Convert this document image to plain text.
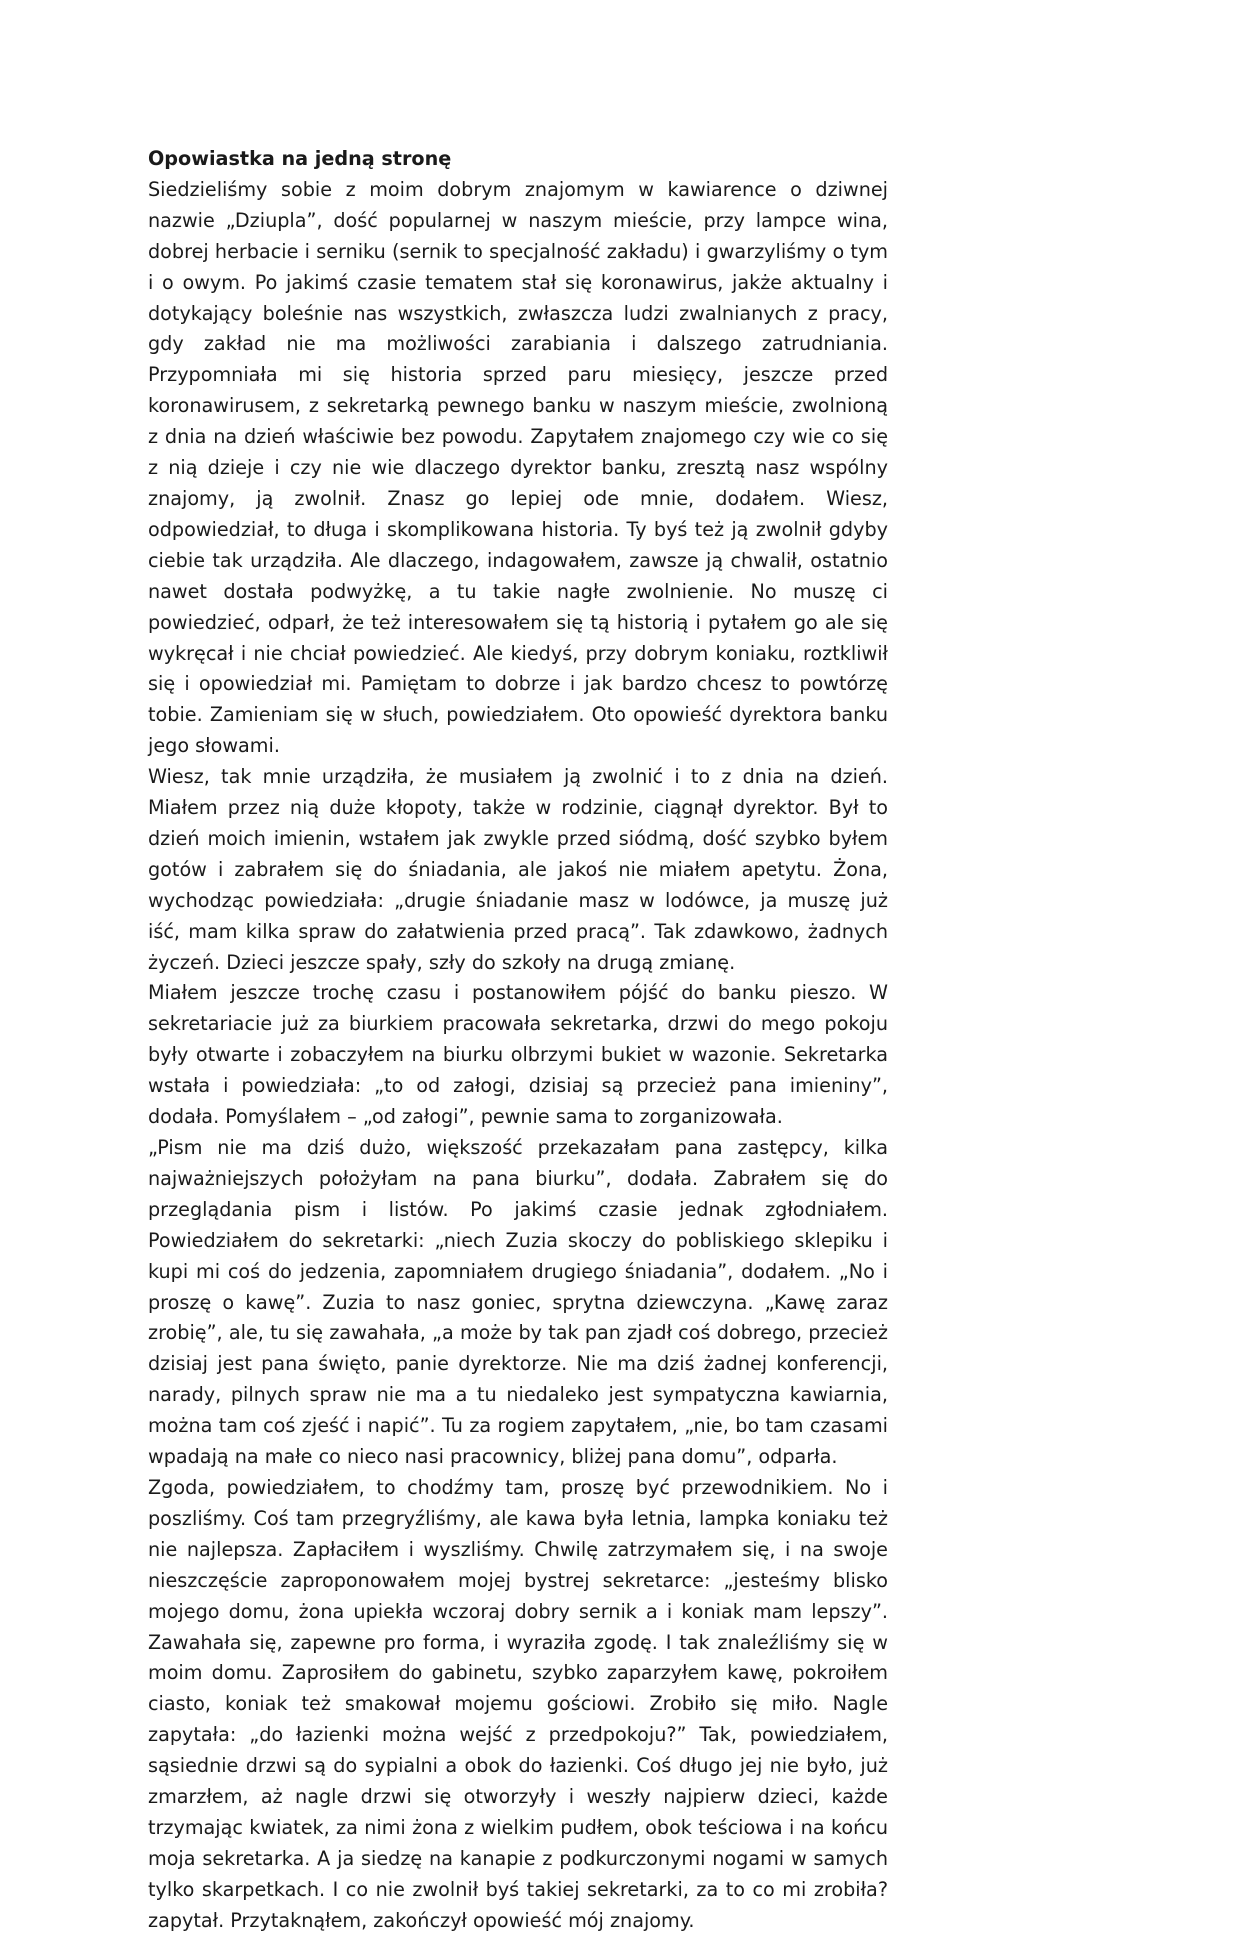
Opowiastka na jedną stronę

Siedzieliśmy sobie z moim dobrym znajomym w kawiarence o dziwnej nazwie „Dziupla”, dość popularnej w naszym mieście, przy lampce wina, dobrej herbacie i serniku (sernik to specjalność zakładu) i gwarzyliśmy o tym i o owym. Po jakimś czasie tematem stał się koronawirus, jakże aktualny i dotykający boleśnie nas wszystkich, zwłaszcza ludzi zwalnianych z pracy, gdy zakład nie ma możliwości zarabiania i dalszego zatrudniania. Przypomniała mi się historia sprzed paru miesięcy, jeszcze przed koronawirusem, z sekretarką pewnego banku w naszym mieście, zwolnioną z dnia na dzień właściwie bez powodu. Zapytałem znajomego czy wie co się z nią dzieje i czy nie wie dlaczego dyrektor banku, zresztą nasz wspólny znajomy, ją zwolnił. Znasz go lepiej ode mnie, dodałem. Wiesz, odpowiedział, to długa i skomplikowana historia. Ty byś też ją zwolnił gdyby ciebie tak urządziła. Ale dlaczego, indagowałem, zawsze ją chwalił, ostatnio nawet dostała podwyżkę, a tu takie nagłe zwolnienie. No muszę ci powiedzieć, odparł, że też interesowałem się tą historią i pytałem go ale się wykręcał i nie chciał powiedzieć. Ale kiedyś, przy dobrym koniaku, roztkliwił się i opowiedział mi. Pamiętam to dobrze i jak bardzo chcesz to powtórzę tobie. Zamieniam się w słuch, powiedziałem. Oto opowieść dyrektora banku jego słowami.

Wiesz, tak mnie urządziła, że musiałem ją zwolnić i to z dnia na dzień. Miałem przez nią duże kłopoty, także w rodzinie, ciągnął dyrektor. Był to dzień moich imienin, wstałem jak zwykle przed siódmą, dość szybko byłem gotów i zabrałem się do śniadania, ale jakoś nie miałem apetytu. Żona, wychodząc powiedziała: „drugie śniadanie masz w lodówce, ja muszę już iść, mam kilka spraw do załatwienia przed pracą”. Tak zdawkowo, żadnych życzeń. Dzieci jeszcze spały, szły do szkoły na drugą zmianę.

Miałem jeszcze trochę czasu i postanowiłem pójść do banku pieszo. W sekretariacie już za biurkiem pracowała sekretarka, drzwi do mego pokoju były otwarte i zobaczyłem na biurku olbrzymi bukiet w wazonie. Sekretarka wstała i powiedziała: „to od załogi, dzisiaj są przecież pana imieniny”, dodała. Pomyślałem – „od załogi”, pewnie sama to zorganizowała.

„Pism nie ma dziś dużo, większość przekazałam pana zastępcy, kilka najważniejszych położyłam na pana biurku”, dodała. Zabrałem się do przeglądania pism i listów. Po jakimś czasie jednak zgłodniałem. Powiedziałem do sekretarki: „niech Zuzia skoczy do pobliskiego sklepiku i kupi mi coś do jedzenia, zapomniałem drugiego śniadania”, dodałem. „No i proszę o kawę”. Zuzia to nasz goniec, sprytna dziewczyna. „Kawę zaraz zrobię”, ale, tu się zawahała, „a może by tak pan zjadł coś dobrego, przecież dzisiaj jest pana święto, panie dyrektorze. Nie ma dziś żadnej konferencji, narady, pilnych spraw nie ma a tu niedaleko jest sympatyczna kawiarnia, można tam coś zjeść i napić”. Tu za rogiem zapytałem, „nie, bo tam czasami wpadają na małe co nieco nasi pracownicy, bliżej pana domu”, odparła.

Zgoda, powiedziałem, to chodźmy tam, proszę być przewodnikiem. No i poszliśmy. Coś tam przegryźliśmy, ale kawa była letnia, lampka koniaku też nie najlepsza. Zapłaciłem i wyszliśmy. Chwilę zatrzymałem się, i na swoje nieszczęście zaproponowałem mojej bystrej sekretarce: „jesteśmy blisko mojego domu, żona upiekła wczoraj dobry sernik a i koniak mam lepszy”. Zawahała się, zapewne pro forma, i wyraziła zgodę. I tak znaleźliśmy się w moim domu. Zaprosiłem do gabinetu, szybko zaparzyłem kawę, pokroiłem ciasto, koniak też smakował mojemu gościowi. Zrobiło się miło. Nagle zapytała: „do łazienki można wejść z przedpokoju?” Tak, powiedziałem, sąsiednie drzwi są do sypialni a obok do łazienki. Coś długo jej nie było, już zmarzłem, aż nagle drzwi się otworzyły i weszły najpierw dzieci, każde trzymając kwiatek, za nimi żona z wielkim pudłem, obok teściowa i na końcu moja sekretarka. A ja siedzę na kanapie z podkurczonymi nogami w samych tylko skarpetkach. I co nie zwolnił byś takiej sekretarki, za to co mi zrobiła? zapytał. Przytaknąłem, zakończył opowieść mój znajomy.
